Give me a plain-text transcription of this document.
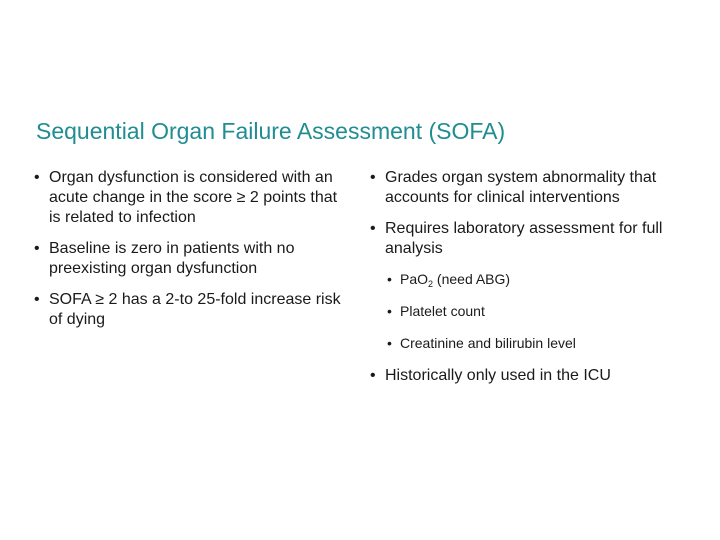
Sequential Organ Failure Assessment (SOFA)
• Organ dysfunction is considered with an acute change in the score ≥ 2 points that is related to infection
• Baseline is zero in patients with no preexisting organ dysfunction
• SOFA ≥ 2 has a 2-to 25-fold increase risk of dying
• Grades organ system abnormality that accounts for clinical interventions
• Requires laboratory assessment for full analysis
• PaO$_2$ (need ABG)
• Platelet count
• Creatinine and bilirubin level
• Historically only used in the ICU
